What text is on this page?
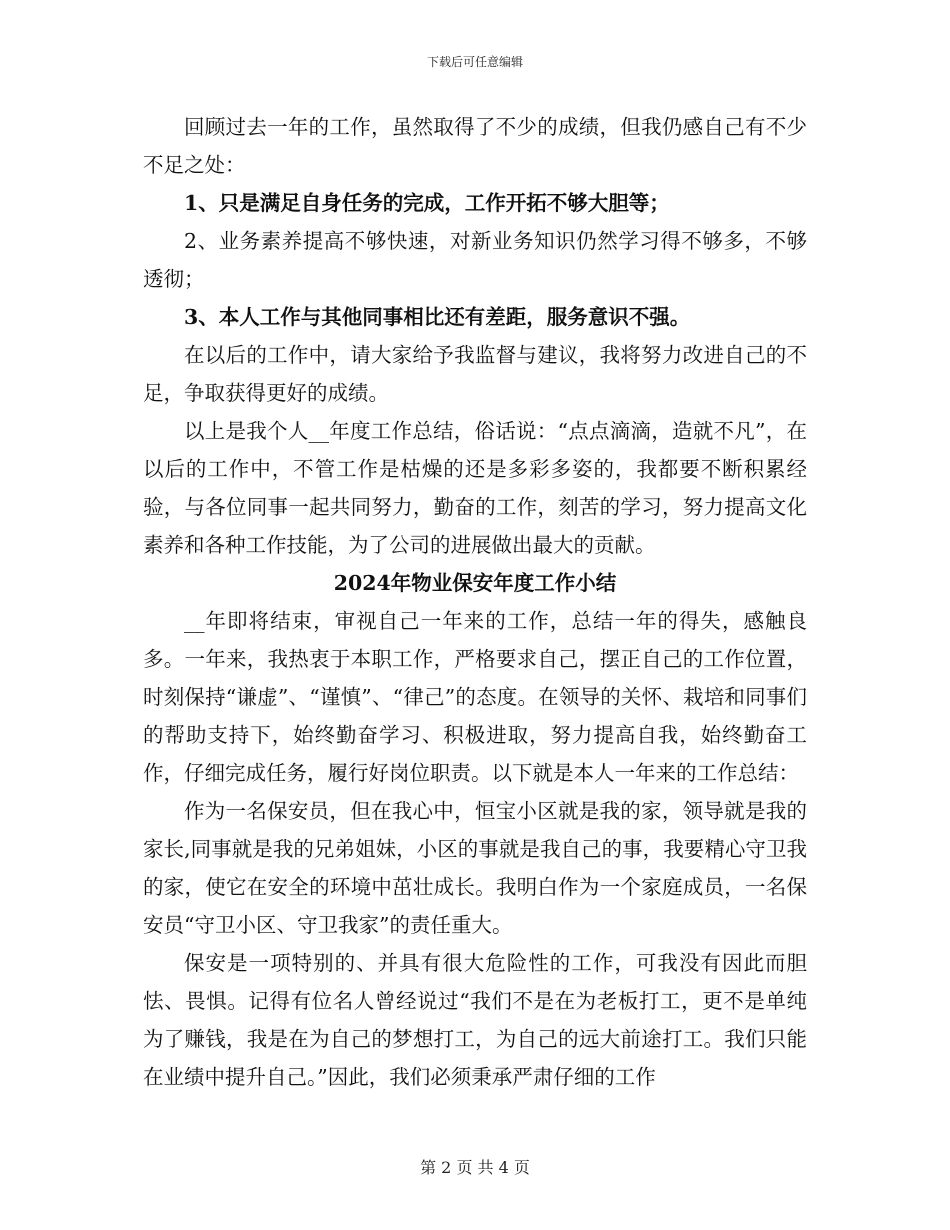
下载后可任意编辑

回顾过去一年的工作，虽然取得了不少的成绩，但我仍感自己有不少不足之处：

1、只是满足自身任务的完成，工作开拓不够大胆等；

2、业务素养提高不够快速，对新业务知识仍然学习得不够多，不够透彻；

3、本人工作与其他同事相比还有差距，服务意识不强。

在以后的工作中，请大家给予我监督与建议，我将努力改进自己的不足，争取获得更好的成绩。

以上是我个人__年度工作总结，俗话说：“点点滴滴，造就不凡”，在以后的工作中，不管工作是枯燥的还是多彩多姿的，我都要不断积累经验，与各位同事一起共同努力，勤奋的工作，刻苦的学习，努力提高文化素养和各种工作技能，为了公司的进展做出最大的贡献。

2024年物业保安年度工作小结

__年即将结束，审视自己一年来的工作，总结一年的得失，感触良多。一年来，我热衷于本职工作，严格要求自己，摆正自己的工作位置，时刻保持“谦虚”、“谨慎”、“律己”的态度。在领导的关怀、栽培和同事们的帮助支持下，始终勤奋学习、积极进取，努力提高自我，始终勤奋工作，仔细完成任务，履行好岗位职责。以下就是本人一年来的工作总结：

作为一名保安员，但在我心中，恒宝小区就是我的家，领导就是我的家长,同事就是我的兄弟姐妹，小区的事就是我自己的事，我要精心守卫我的家，使它在安全的环境中茁壮成长。我明白作为一个家庭成员，一名保安员“守卫小区、守卫我家”的责任重大。

保安是一项特别的、并具有很大危险性的工作，可我没有因此而胆怯、畏惧。记得有位名人曾经说过“我们不是在为老板打工，更不是单纯为了赚钱，我是在为自己的梦想打工，为自己的远大前途打工。我们只能在业绩中提升自己。”因此，我们必须秉承严肃仔细的工作

第 2 页 共 4 页
